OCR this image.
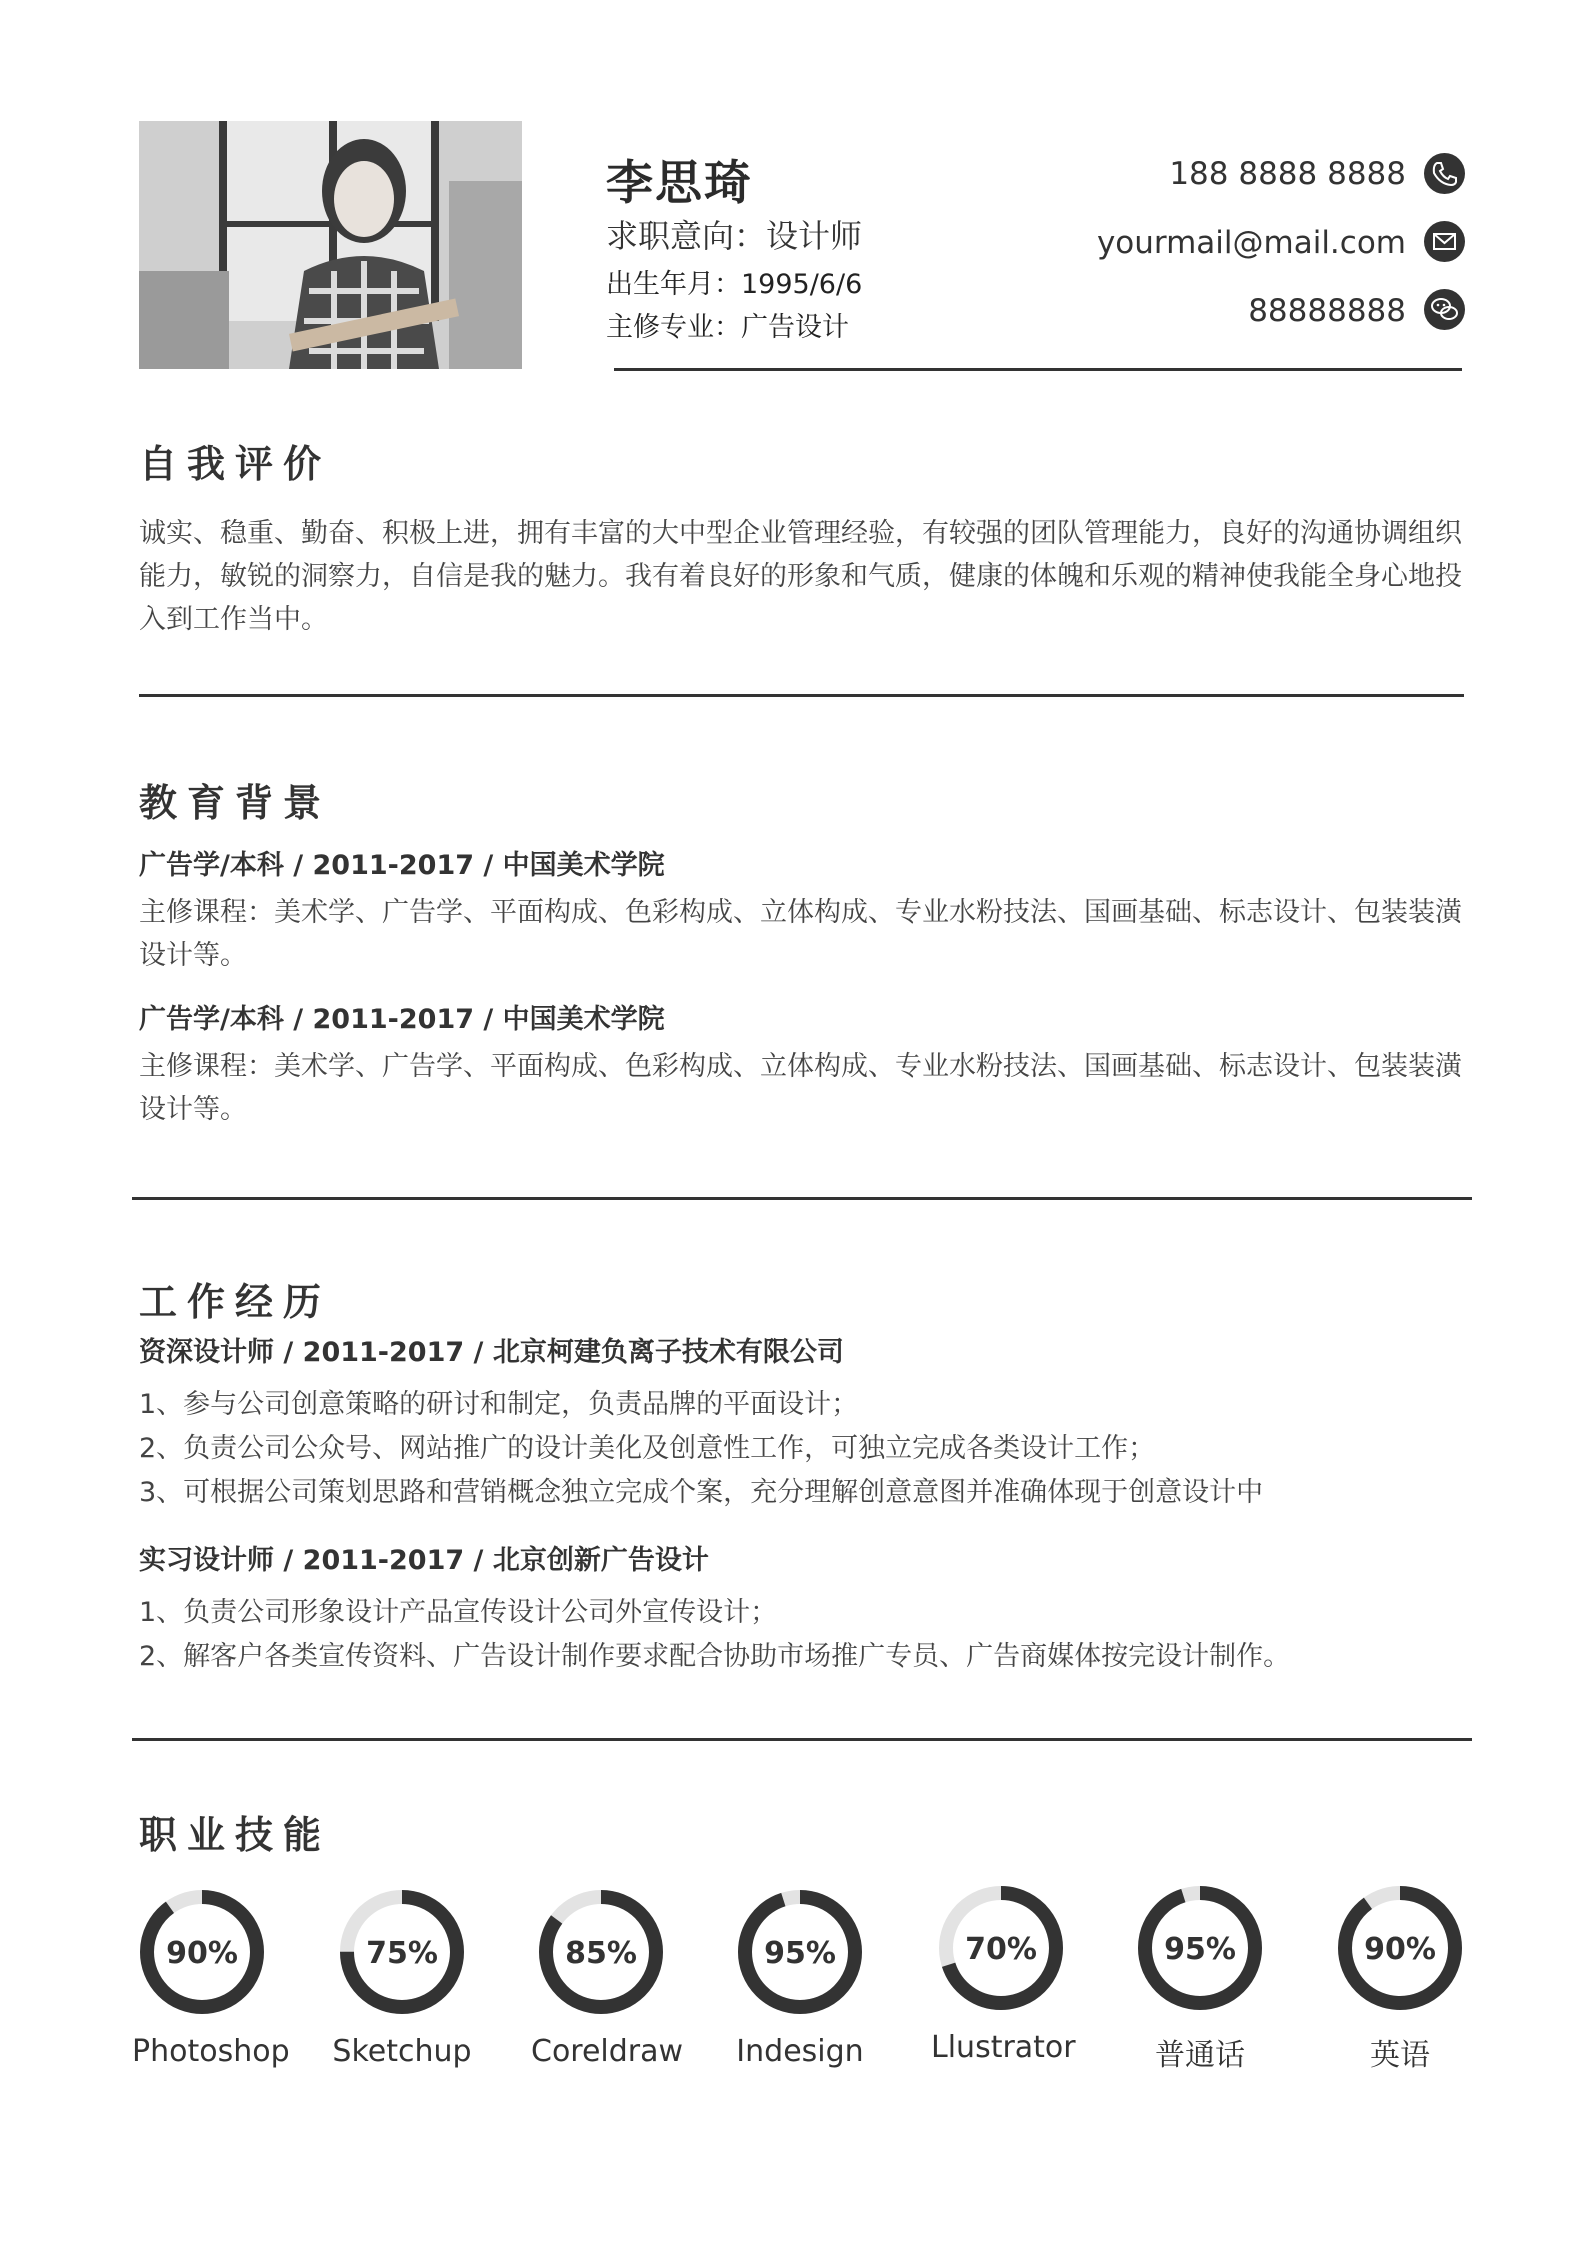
李思琦
求职意向：设计师
出生年月：1995/6/6
主修专业：广告设计
188 8888 8888
yourmail@mail.com
88888888
自我评价
诚实、稳重、勤奋、积极上进，拥有丰富的大中型企业管理经验，有较强的团队管理能力，良好的沟通协调组织能力，敏锐的洞察力，自信是我的魅力。我有着良好的形象和气质，健康的体魄和乐观的精神使我能全身心地投入到工作当中。
教育背景
广告学/本科 / 2011-2017 / 中国美术学院
主修课程：美术学、广告学、平面构成、色彩构成、立体构成、专业水粉技法、国画基础、标志设计、包装装潢设计等。
广告学/本科 / 2011-2017 / 中国美术学院
主修课程：美术学、广告学、平面构成、色彩构成、立体构成、专业水粉技法、国画基础、标志设计、包装装潢设计等。
工作经历
资深设计师 / 2011-2017 / 北京柯建负离子技术有限公司
1、参与公司创意策略的研讨和制定，负责品牌的平面设计；
2、负责公司公众号、网站推广的设计美化及创意性工作，可独立完成各类设计工作；
3、可根据公司策划思路和营销概念独立完成个案，充分理解创意意图并准确体现于创意设计中
实习设计师 / 2011-2017 / 北京创新广告设计
1、负责公司形象设计产品宣传设计公司外宣传设计；
2、解客户各类宣传资料、广告设计制作要求配合协助市场推广专员、广告商媒体按完设计制作。
职业技能
90%
Photoshop
75%
Sketchup
85%
Coreldraw
95%
Indesign
70%
Llustrator
95%
普通话
90%
英语
